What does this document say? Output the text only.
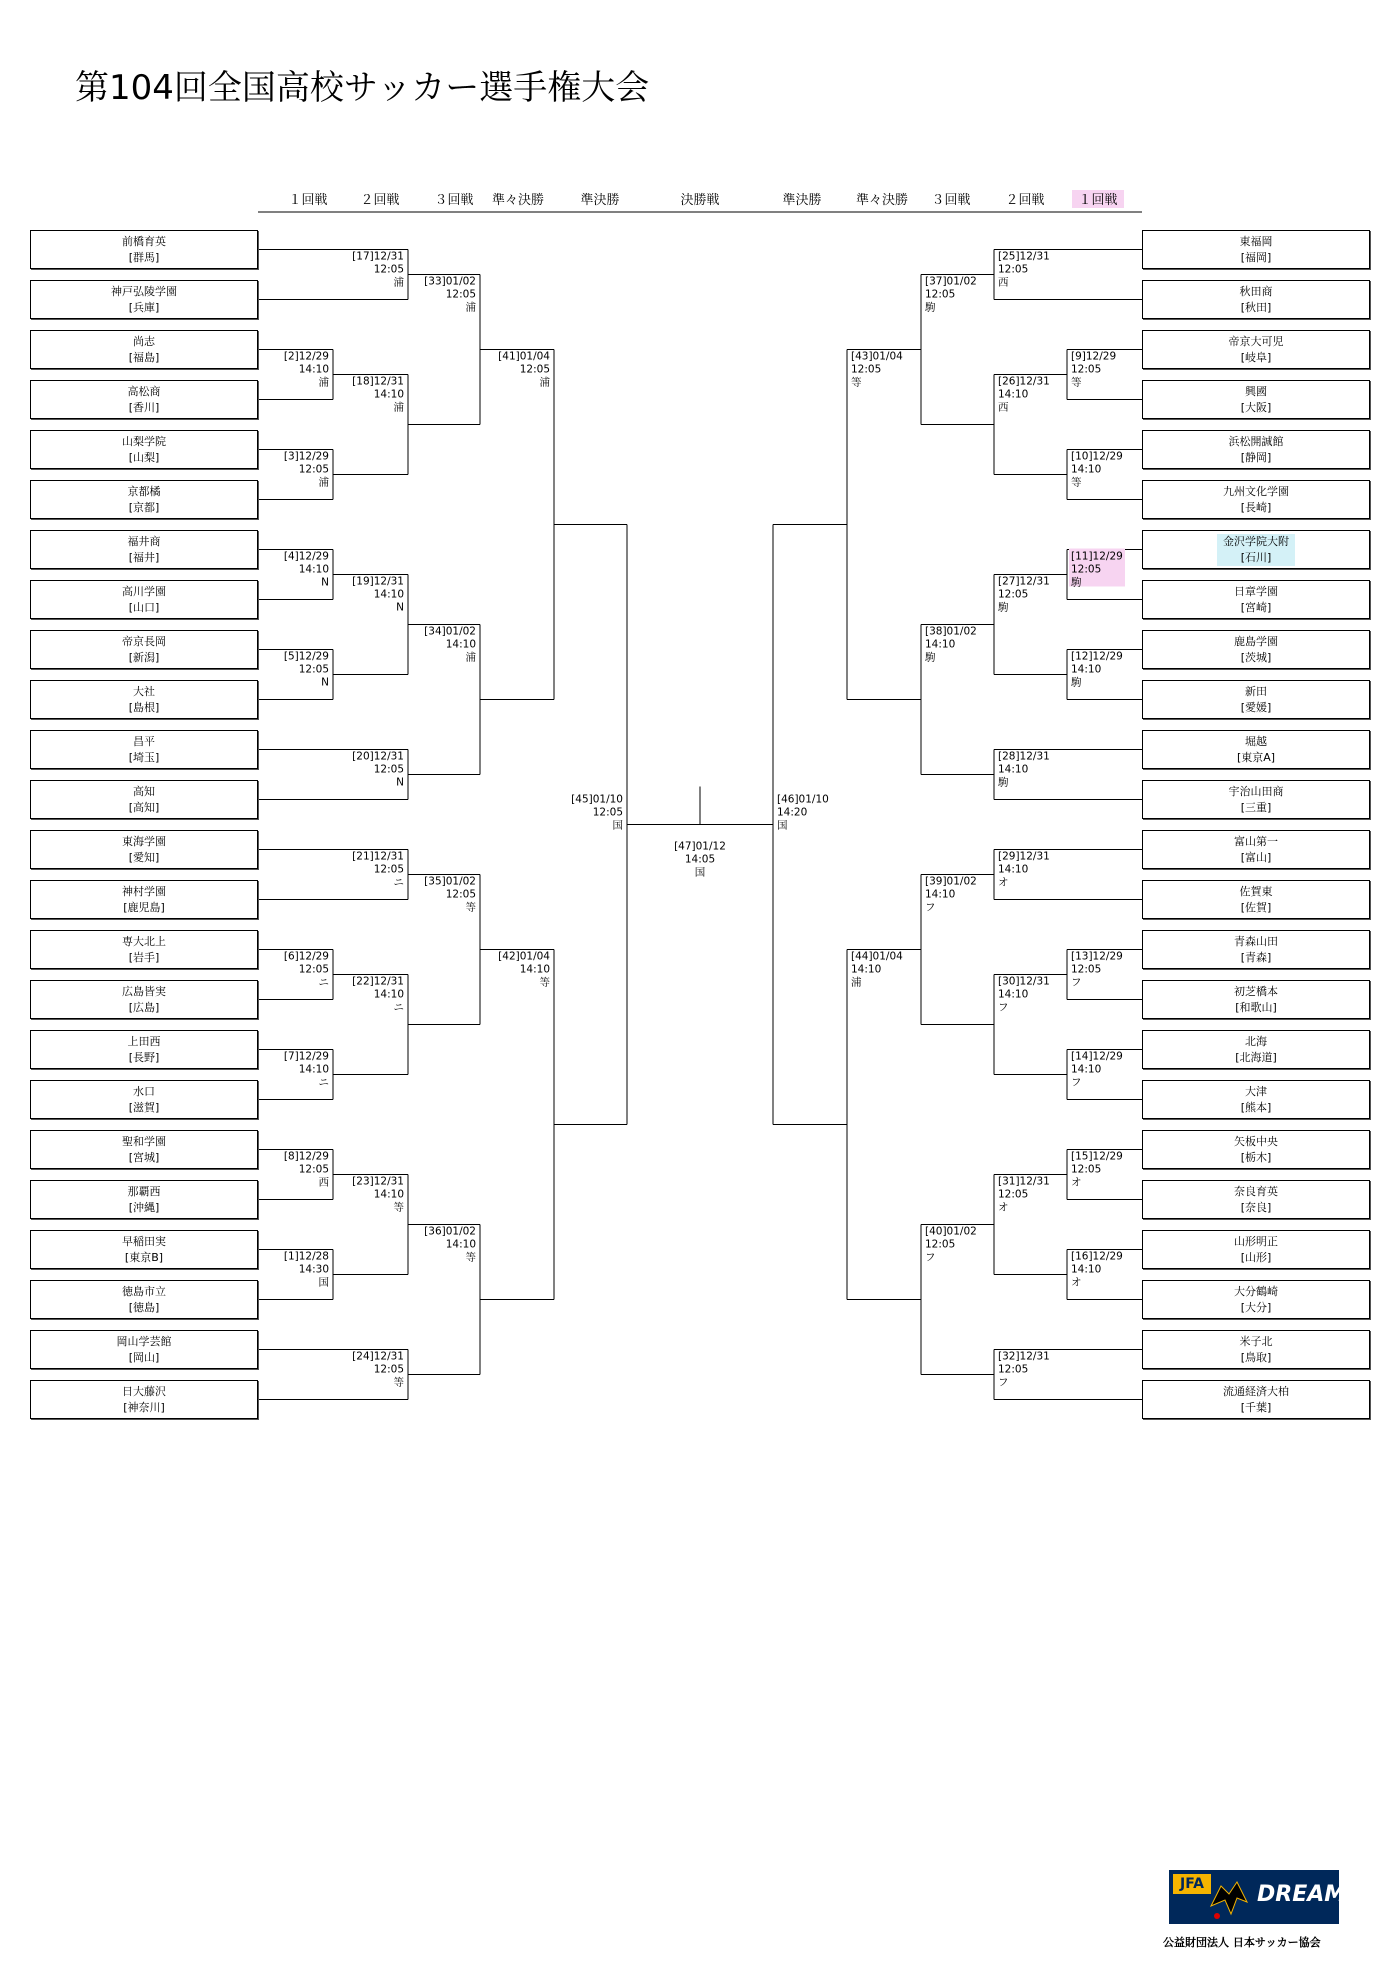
第104回全国高校サッカー選手権大会
１回戦	２回戦	３回戦 準々決勝	準決勝	決勝戦	準決勝	準々決勝 ３回戦	２回戦	１回戦
[2]12/29
14:10
浦
[3]12/29
12:05
浦
[17]12/31
12:05
浦
[18]12/31
14:10
浦
[33]01/02
12:05
浦
[4]12/29
14:10
N
[5]12/29
12:05
N
[20]12/31
12:05
N
[19]12/31
14:10
N
[34]01/02
14:10
浦
[6]12/29
12:05
ニ
[7]12/29
14:10
ニ
[21]12/31
12:05
ニ
[22]12/31
14:10
ニ
[35]01/02
12:05
等
[8]12/29
12:05
西
[1]12/28
14:30
国
[24]12/31
12:05
等
[23]12/31
14:10
等
[36]01/02
14:10
等
[41]01/04
12:05
浦
[42]01/04
14:10
等
[45]01/10
12:05
国
[9]12/29
12:05
等
[10]12/29
14:10
等
[25]12/31
12:05
西
[26]12/31
14:10
西
[37]01/02
12:05
駒
[11]12/29
12:05
駒
[12]12/29
14:10
駒
[28]12/31
14:10
駒
[27]12/31
12:05
駒
[38]01/02
14:10
駒
[13]12/29
12:05
フ
[14]12/29
14:10
フ
[29]12/31
14:10
オ
[30]12/31
14:10
フ
[39]01/02
14:10
フ
[15]12/29
12:05
オ
[16]12/29
14:10
オ
[32]12/31
12:05
フ
[31]12/31
12:05
オ
[40]01/02
12:05
フ
[43]01/04
12:05
等
[44]01/04
14:10
浦
[46]01/10
14:20
国
[47]01/12
14:05
国
前橋育英
[群馬]
神戸弘陵学園
[兵庫]
尚志
[福島]
高松商
[香川]
山梨学院
[山梨]
京都橘
[京都]
福井商
[福井]
高川学園
[山口]
帝京長岡
[新潟]
大社
[島根]
昌平
[埼玉]
高知
[高知]
東海学園
[愛知]
神村学園
[鹿児島]
専大北上
[岩手]
広島皆実
[広島]
上田西
[長野]
水口
[滋賀]
聖和学園
[宮城]
那覇西
[沖縄]
早稲田実
[東京B]
徳島市立
[徳島]
岡山学芸館
[岡山]
日大藤沢
[神奈川]
東福岡
[福岡]
秋田商
[秋田]
帝京大可児
[岐阜]
興國
[大阪]
浜松開誠館
[静岡]
九州文化学園
[長崎]
金沢学院大附
[石川]
日章学園
[宮崎]
鹿島学園
[茨城]
新田
[愛媛]
堀越
[東京A]
宇治山田商
[三重]
富山第一
[富山]
佐賀東
[佐賀]
青森山田
[青森]
初芝橋本
[和歌山]
北海
[北海道]
大津
[熊本]
矢板中央
[栃木]
奈良育英
[奈良]
山形明正
[山形]
大分鶴崎
[大分]
米子北
[鳥取]
流通経済大柏
[千葉]
JFA	DREAM
公益財団法人 日本サッカー協会
